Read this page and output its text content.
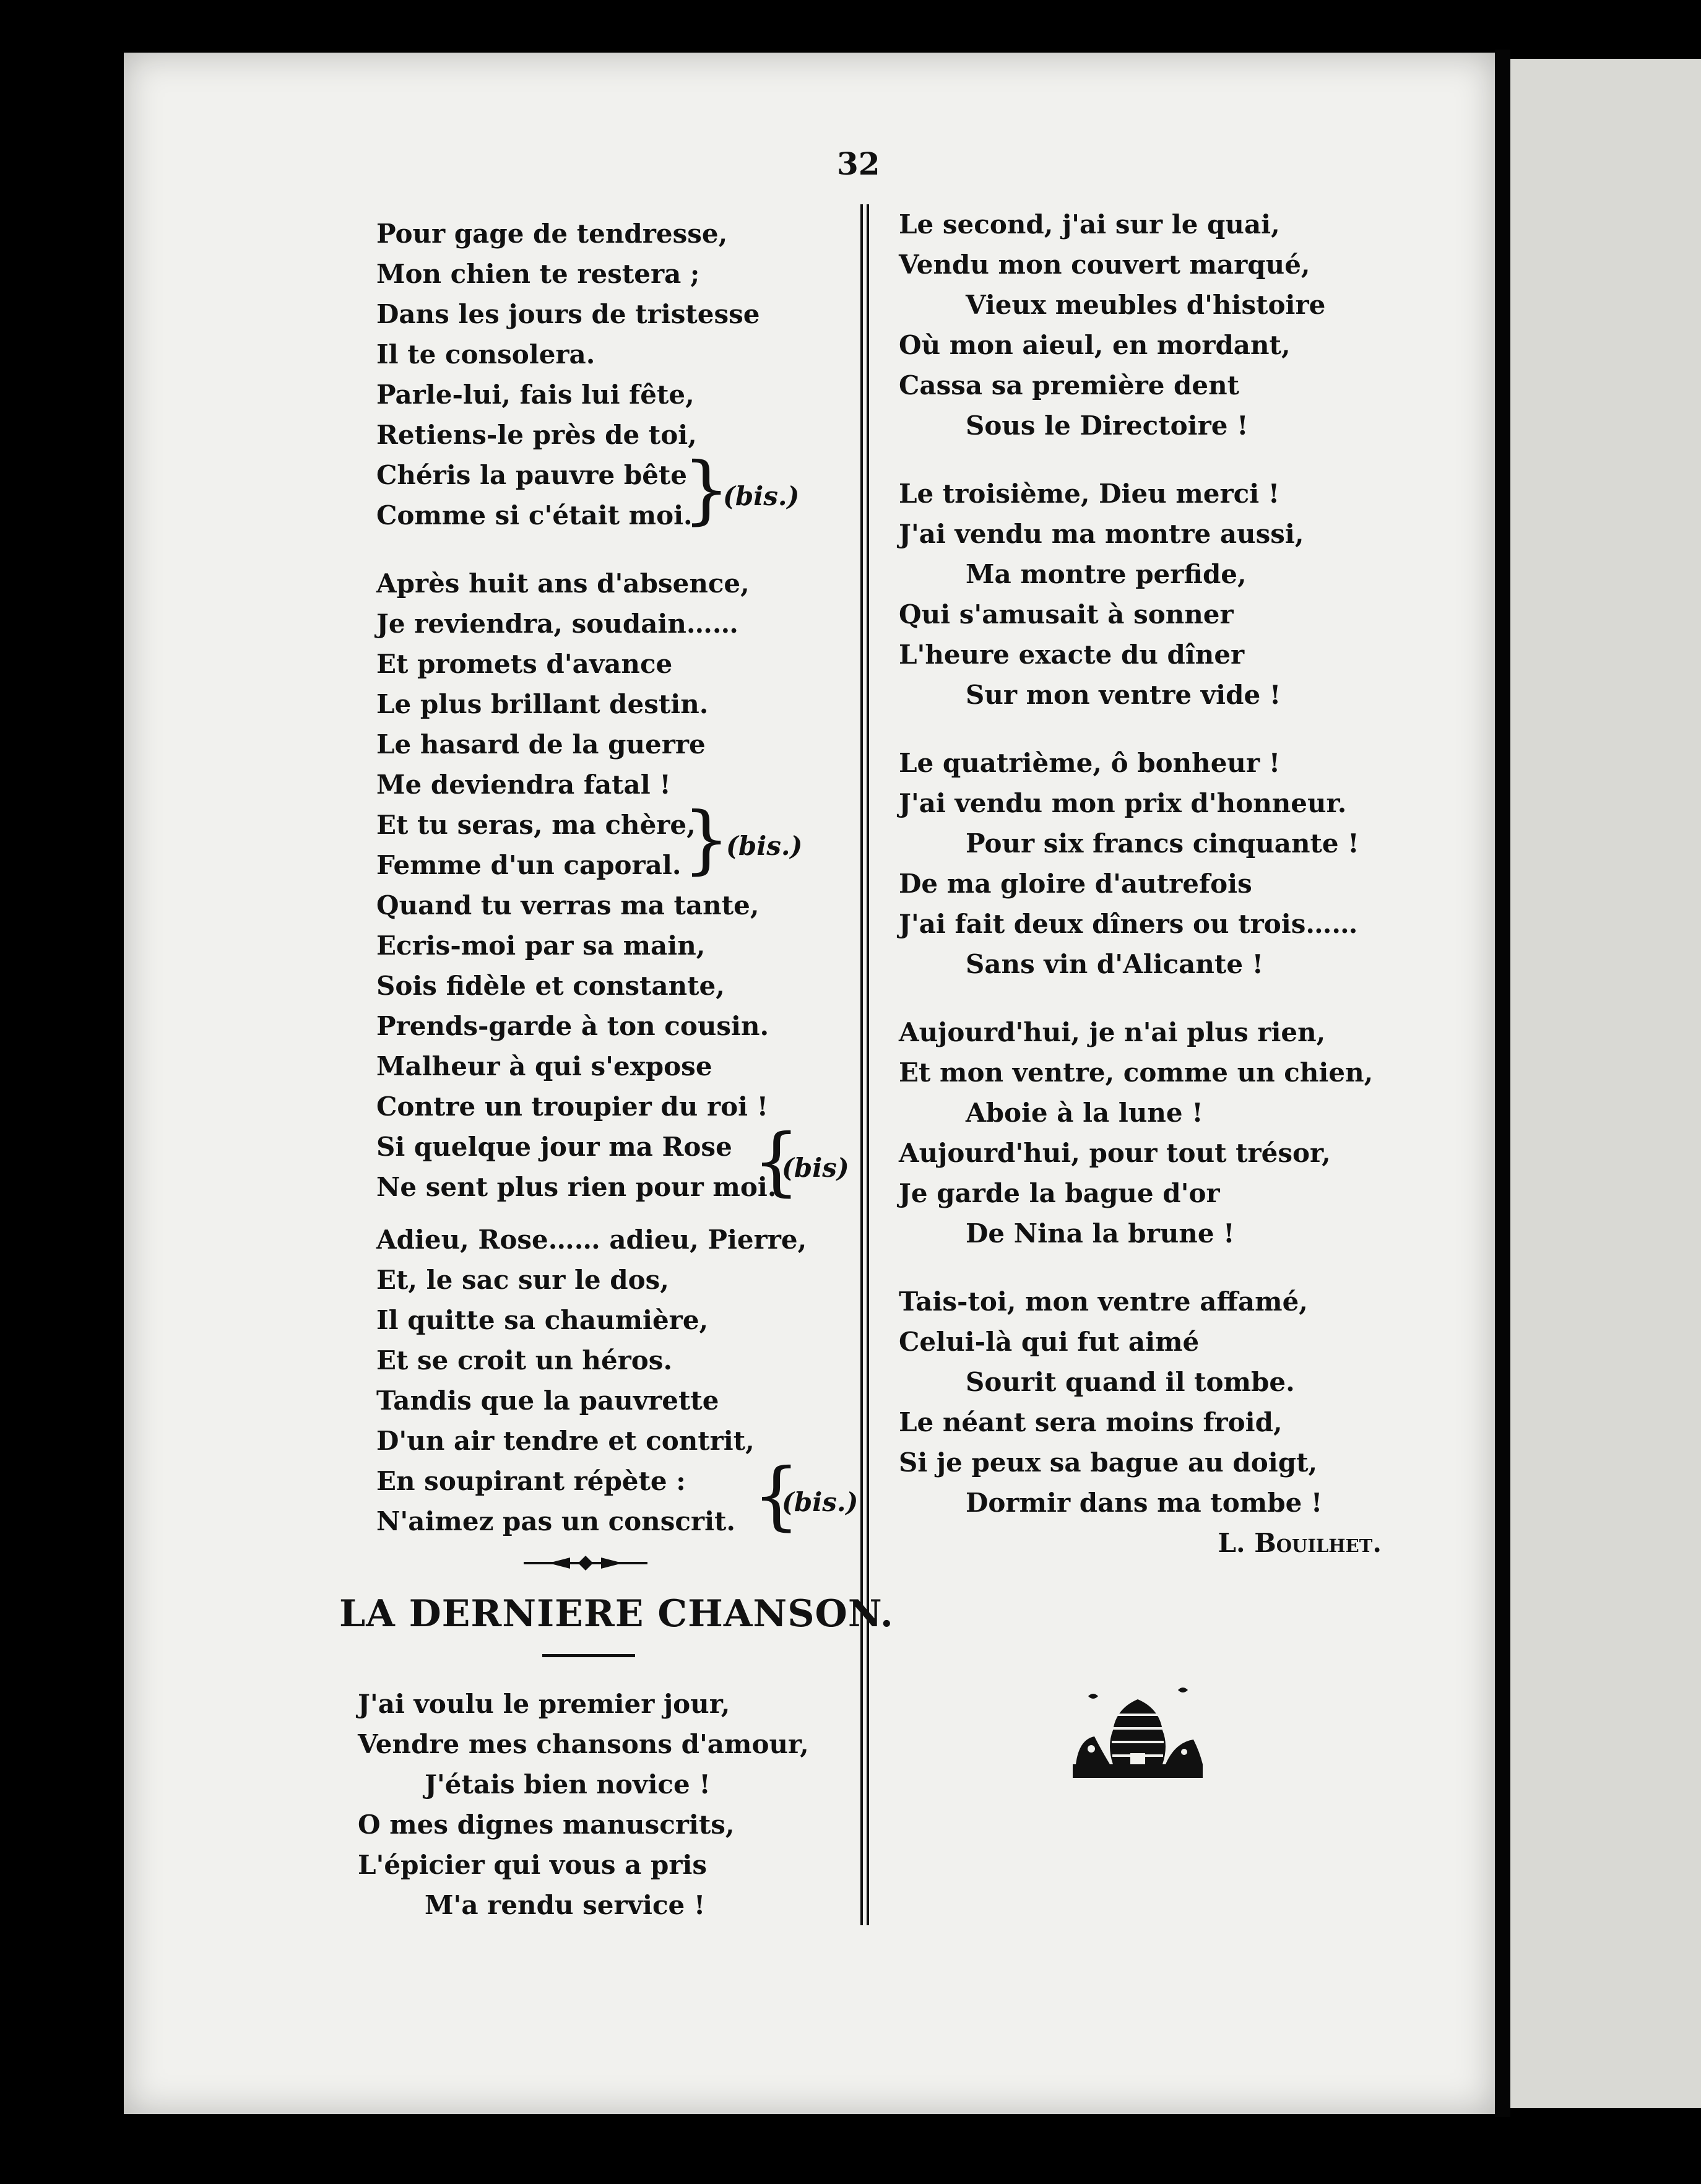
32
Pour gage de tendresse,
Mon chien te restera ;
Dans les jours de tristesse
Il te consolera.
Parle-lui, fais lui fête,
Retiens-le près de toi,
Chéris la pauvre bête
Comme si c'était moi.
}
(bis.)
Après huit ans d'absence,
Je reviendra, soudain……
Et promets d'avance
Le plus brillant destin.
Le hasard de la guerre
Me deviendra fatal !
Et tu seras, ma chère,
Femme d'un caporal. }
(bis.)
Quand tu verras ma tante,
Ecris-moi par sa main,
Sois fidèle et constante,
Prends-garde à ton cousin.
Malheur à qui s'expose
Contre un troupier du roi !
Si quelque jour ma Rose
Ne sent plus rien pour moi.
{
(bis)
Adieu, Rose…… adieu, Pierre,
Et, le sac sur le dos,
Il quitte sa chaumière,
Et se croit un héros.
Tandis que la pauvrette
D'un air tendre et contrit,
En soupirant répète :
N'aimez pas un conscrit. {
(bis.)
LA DERNIERE CHANSON.
J'ai voulu le premier jour,
Vendre mes chansons d'amour,
J'étais bien novice !
O mes dignes manuscrits,
L'épicier qui vous a pris
M'a rendu service !
Le second, j'ai sur le quai,
Vendu mon couvert marqué,
Vieux meubles d'histoire
Où mon aieul, en mordant,
Cassa sa première dent
Sous le Directoire !
Le troisième, Dieu merci !
J'ai vendu ma montre aussi,
Ma montre perfide,
Qui s'amusait à sonner
L'heure exacte du dîner
Sur mon ventre vide !
Le quatrième, ô bonheur !
J'ai vendu mon prix d'honneur.
Pour six francs cinquante !
De ma gloire d'autrefois
J'ai fait deux dîners ou trois……
Sans vin d'Alicante !
Aujourd'hui, je n'ai plus rien,
Et mon ventre, comme un chien,
Aboie à la lune !
Aujourd'hui, pour tout trésor,
Je garde la bague d'or
De Nina la brune !
Tais-toi, mon ventre affamé,
Celui-là qui fut aimé
Sourit quand il tombe.
Le néant sera moins froid,
Si je peux sa bague au doigt,
Dormir dans ma tombe !
L. Bouilhet.
